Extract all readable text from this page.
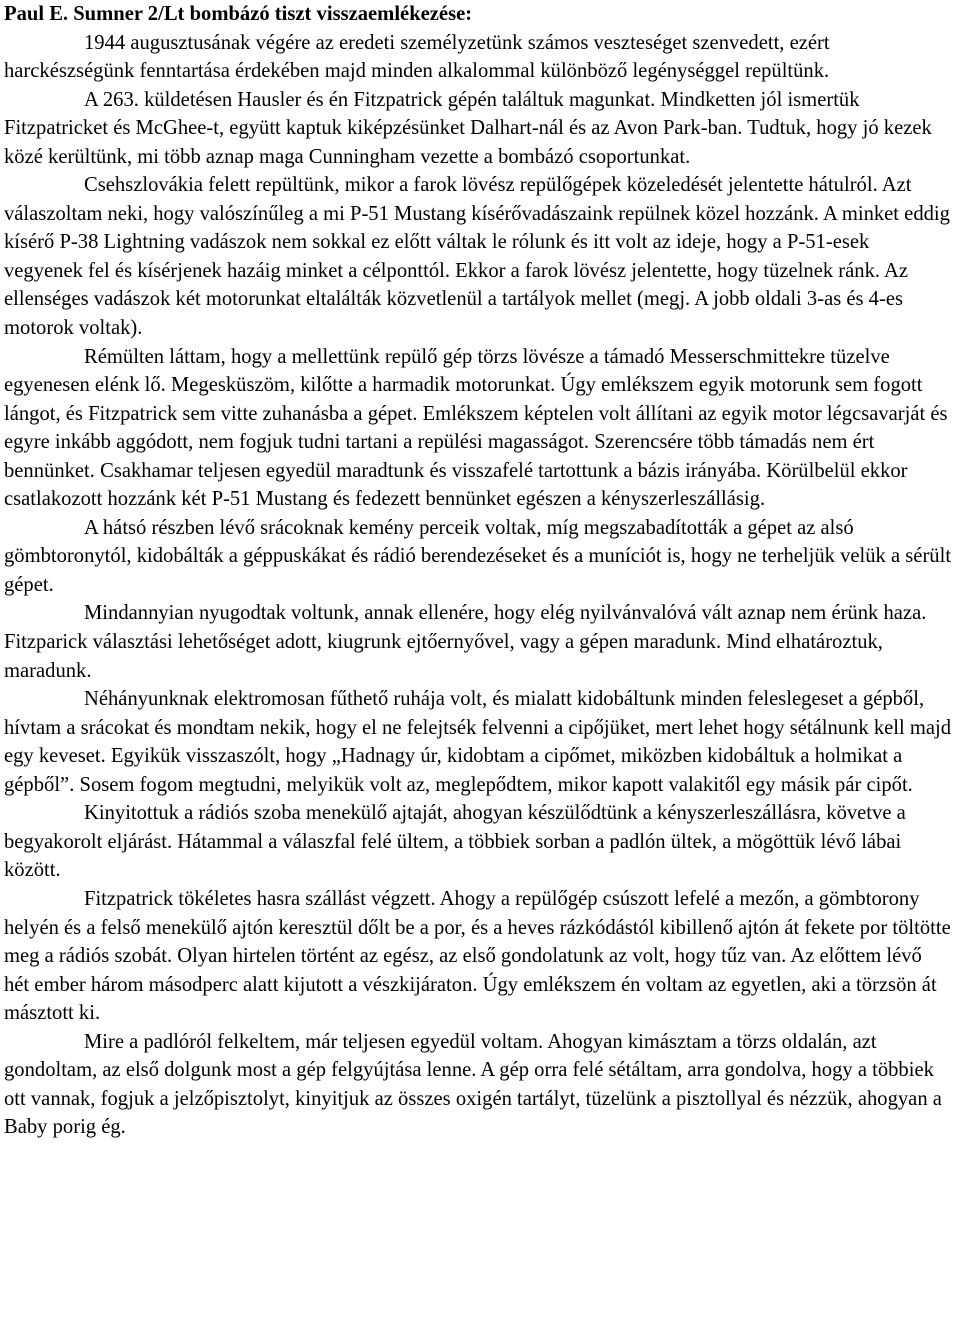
Paul E. Sumner 2/Lt bombázó tiszt visszaemlékezése:

1944 augusztusának végére az eredeti személyzetünk számos veszteséget szenvedett, ezért harckészségünk fenntartása érdekében majd minden alkalommal különböző legénységgel repültünk.

A 263. küldetésen Hausler és én Fitzpatrick gépén találtuk magunkat. Mindketten jól ismertük Fitzpatricket és McGhee-t, együtt kaptuk kiképzésünket Dalhart-nál és az Avon Park-ban. Tudtuk, hogy jó kezek közé kerültünk, mi több aznap maga Cunningham vezette a bombázó csoportunkat.

Csehszlovákia felett repültünk, mikor a farok lövész repülőgépek közeledését jelentette hátulról. Azt válaszoltam neki, hogy valószínűleg a mi P-51 Mustang kísérővadászaink repülnek közel hozzánk. A minket eddig kísérő P-38 Lightning vadászok nem sokkal ez előtt váltak le rólunk és itt volt az ideje, hogy a P-51-esek vegyenek fel és kísérjenek hazáig minket a célponttól. Ekkor a farok lövész jelentette, hogy tüzelnek ránk. Az ellenséges vadászok két motorunkat eltalálták közvetlenül a tartályok mellet (megj. A jobb oldali 3-as és 4-es motorok voltak).

Rémülten láttam, hogy a mellettünk repülő gép törzs lövésze a támadó Messerschmittekre tüzelve egyenesen elénk lő. Megesküszöm, kilőtte a harmadik motorunkat. Úgy emlékszem egyik motorunk sem fogott lángot, és Fitzpatrick sem vitte zuhanásba a gépet. Emlékszem képtelen volt állítani az egyik motor légcsavarját és egyre inkább aggódott, nem fogjuk tudni tartani a repülési magasságot. Szerencsére több támadás nem ért bennünket. Csakhamar teljesen egyedül maradtunk és visszafelé tartottunk a bázis irányába. Körülbelül ekkor csatlakozott hozzánk két P-51 Mustang és fedezett bennünket egészen a kényszerleszállásig.

A hátsó részben lévő srácoknak kemény perceik voltak, míg megszabadították a gépet az alsó gömbtoronytól, kidobálták a géppuskákat és rádió berendezéseket és a muníciót is, hogy ne terheljük velük a sérült gépet.

Mindannyian nyugodtak voltunk, annak ellenére, hogy elég nyilvánvalóvá vált aznap nem érünk haza. Fitzparick választási lehetőséget adott, kiugrunk ejtőernyővel, vagy a gépen maradunk. Mind elhatároztuk, maradunk.

Néhányunknak elektromosan fűthető ruhája volt, és mialatt kidobáltunk minden feleslegeset a gépből, hívtam a srácokat és mondtam nekik, hogy el ne felejtsék felvenni a cipőjüket, mert lehet hogy sétálnunk kell majd egy keveset. Egyikük visszaszólt, hogy „Hadnagy úr, kidobtam a cipőmet, miközben kidobáltuk a holmikat a gépből”. Sosem fogom megtudni, melyikük volt az, meglepődtem, mikor kapott valakitől egy másik pár cipőt.

Kinyitottuk a rádiós szoba menekülő ajtaját, ahogyan készülődtünk a kényszerleszállásra, követve a begyakorolt eljárást. Hátammal a válaszfal felé ültem, a többiek sorban a padlón ültek, a mögöttük lévő lábai között.

Fitzpatrick tökéletes hasra szállást végzett. Ahogy a repülőgép csúszott lefelé a mezőn, a gömbtorony helyén és a felső menekülő ajtón keresztül dőlt be a por, és a heves rázkódástól kibillenő ajtón át fekete por töltötte meg a rádiós szobát. Olyan hirtelen történt az egész, az első gondolatunk az volt, hogy tűz van. Az előttem lévő hét ember három másodperc alatt kijutott a vészkijáraton. Úgy emlékszem én voltam az egyetlen, aki a törzsön át másztott ki.

Mire a padlóról felkeltem, már teljesen egyedül voltam. Ahogyan kimásztam a törzs oldalán, azt gondoltam, az első dolgunk most a gép felgyújtása lenne. A gép orra felé sétáltam, arra gondolva, hogy a többiek ott vannak, fogjuk a jelzőpisztolyt, kinyitjuk az összes oxigén tartályt, tüzelünk a pisztollyal és nézzük, ahogyan a Baby porig ég.
